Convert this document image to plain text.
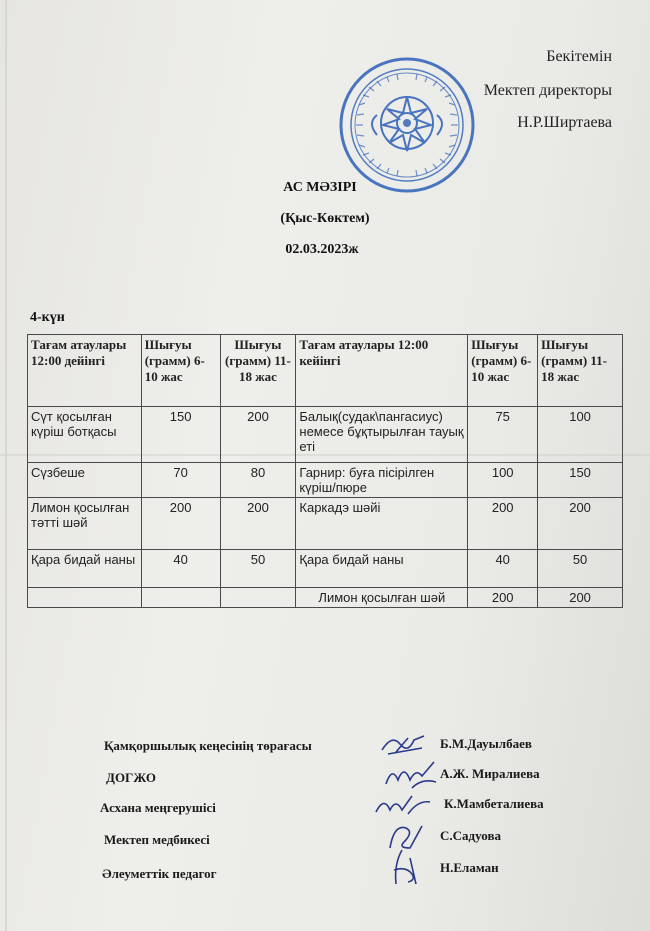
Бекітемін
Мектеп директоры
Н.Р.Ширтаева
АС МӘЗІРІ
(Қыс-Көктем)
02.03.2023ж
4-күн
Тағам атаулары 12:00 дейінгі	Шығуы (грамм) 6-10 жас	Шығуы (грамм) 11-18 жас	Тағам атаулары 12:00 кейінгі	Шығуы (грамм) 6-10 жас	Шығуы (грамм) 11-18 жас
Сүт қосылған күріш ботқасы	150	200	Балық(судак\пангасиус) немесе бұқтырылған тауық еті	75	100
Сүзбеше	70	80	Гарнир: буға пісірілген күріш/пюре	100	150
Лимон қосылған тәтті шәй	200	200	Каркадэ шәйі	200	200
Қара бидай наны	40	50	Қара бидай наны	40	50
			Лимон қосылған шәй	200	200
Қамқоршылық кеңесінің төрағасы	Б.М.Дауылбаев
ДОГЖО	А.Ж. Миралиева
Асхана меңгерушісі	К.Мамбеталиева
Мектеп медбикесі	С.Садуова
Әлеуметтік педагог	Н.Еламан
